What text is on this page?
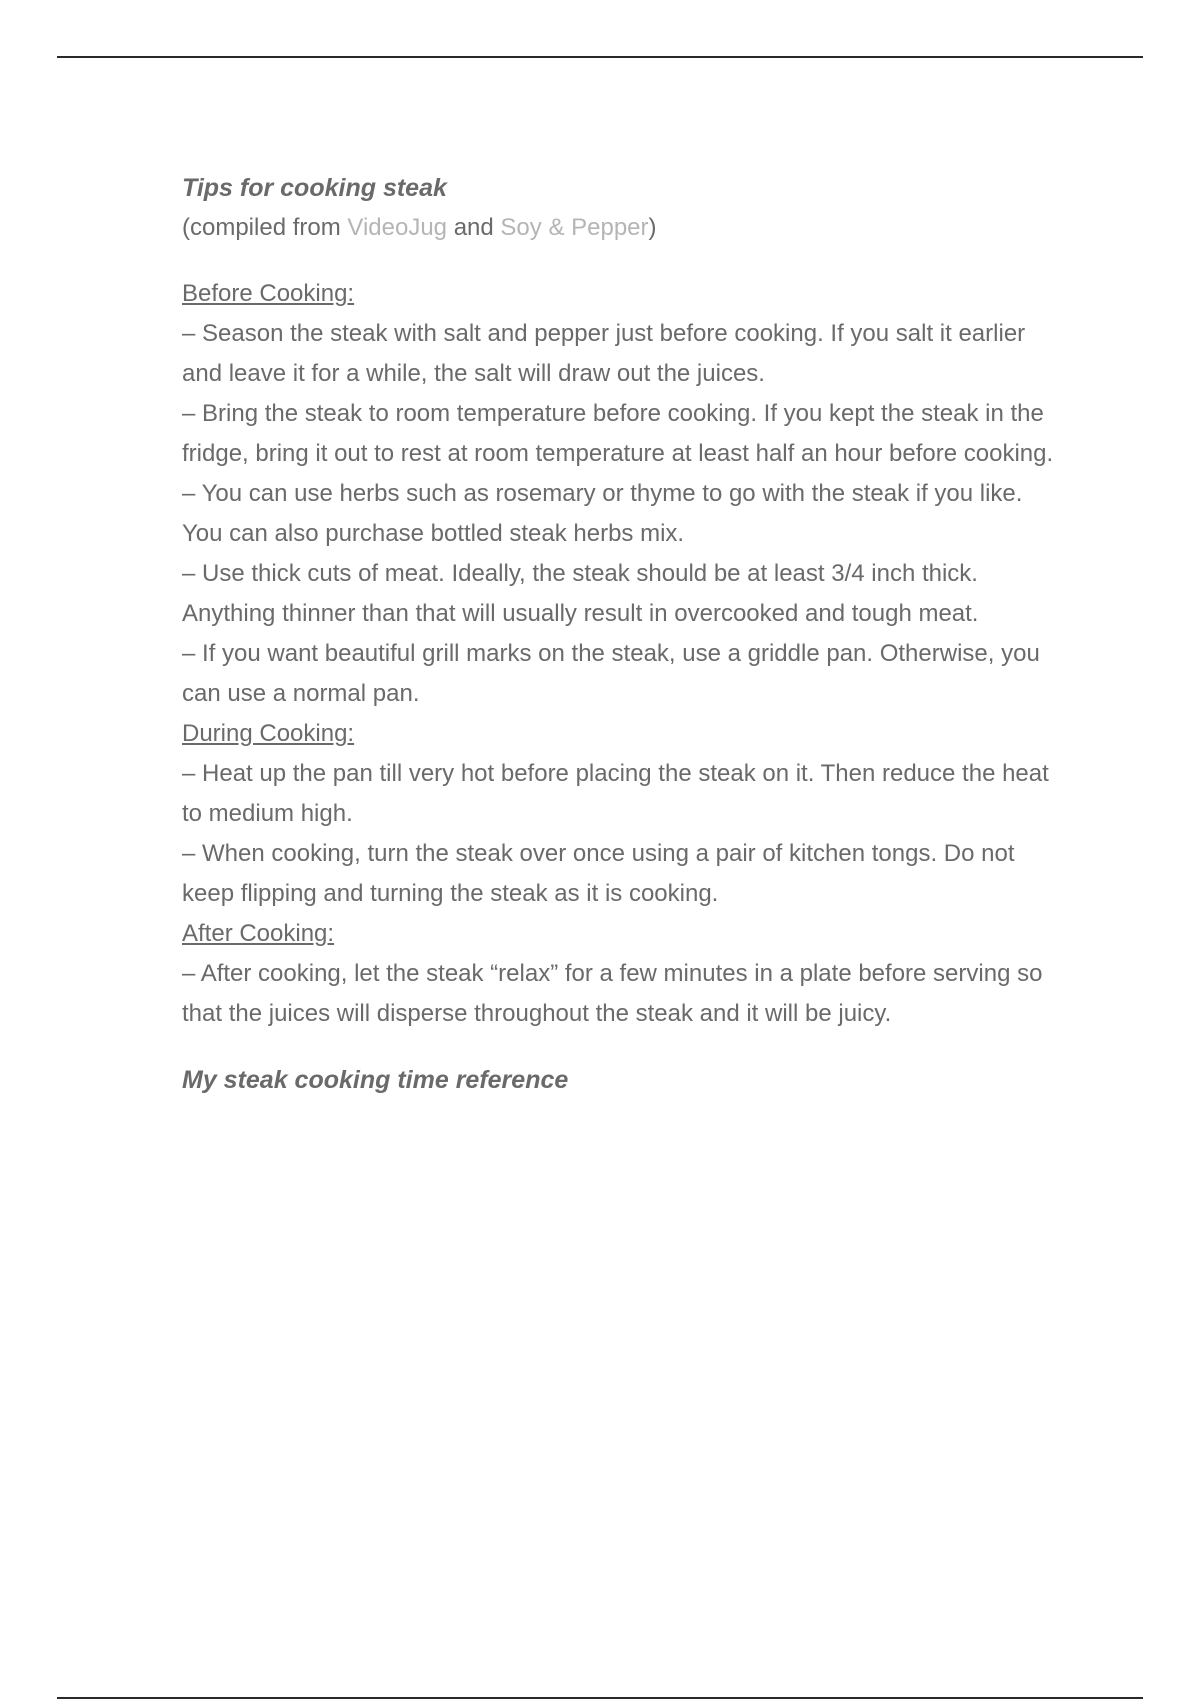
Tips for cooking steak

(compiled from VideoJug and Soy & Pepper)

Before Cooking:

– Season the steak with salt and pepper just before cooking. If you salt it earlier and leave it for a while, the salt will draw out the juices.

– Bring the steak to room temperature before cooking. If you kept the steak in the fridge, bring it out to rest at room temperature at least half an hour before cooking.

– You can use herbs such as rosemary or thyme to go with the steak if you like. You can also purchase bottled steak herbs mix.

– Use thick cuts of meat. Ideally, the steak should be at least 3/4 inch thick. Anything thinner than that will usually result in overcooked and tough meat.

– If you want beautiful grill marks on the steak, use a griddle pan. Otherwise, you can use a normal pan.

During Cooking:

– Heat up the pan till very hot before placing the steak on it. Then reduce the heat to medium high.

– When cooking, turn the steak over once using a pair of kitchen tongs. Do not keep flipping and turning the steak as it is cooking.

After Cooking:

– After cooking, let the steak “relax” for a few minutes in a plate before serving so that the juices will disperse throughout the steak and it will be juicy.

My steak cooking time reference
